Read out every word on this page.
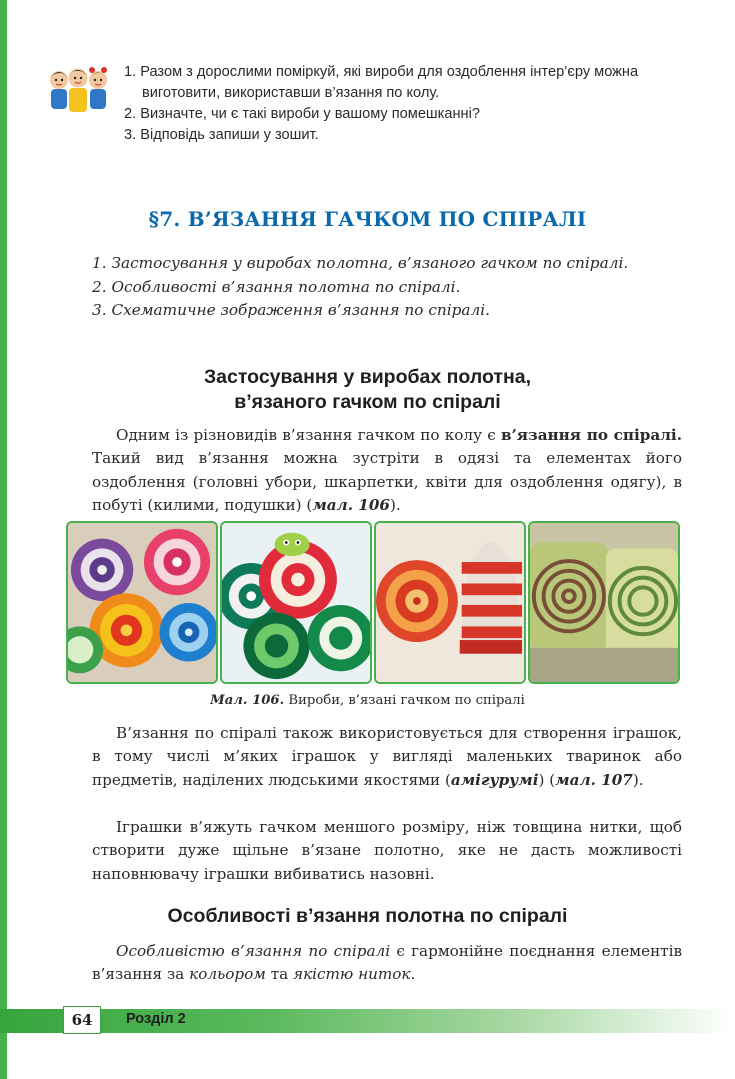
1. Разом з дорослими поміркуй, які вироби для оздоблення інтер’єру можна виготовити, використавши в’язання по колу.

2. Визначте, чи є такі вироби у вашому помешканні?

3. Відповідь запиши у зошит.

§7. В’ЯЗАННЯ ГАЧКОМ ПО СПІРАЛІ

1. Застосування у виробах полотна, в’язаного гачком по спіралі.

2. Особливості в’язання полотна по спіралі.

3. Схематичне зображення в’язання по спіралі.

Застосування у виробах полотна,
в’язаного гачком по спіралі
Одним із різновидів в’язання гачком по колу є в’язання по спіралі. Такий вид в’язання можна зустріти в одязі та елементах його оздоблення (головні убори, шкарпетки, квіти для оздоблення одягу), в побуті (килими, подушки) (мал. 106).
Мал. 106. Вироби, в’язані гачком по спіралі
В’язання по спіралі також використовується для створення іграшок, в тому числі м’яких іграшок у вигляді маленьких тваринок або предметів, наділених людськими якостями (амігурумі) (мал. 107).
Іграшки в’яжуть гачком меншого розміру, ніж товщина нитки, щоб створити дуже щільне в’язане полотно, яке не дасть можливості наповнювачу іграшки вибиватись назовні.
Особливості в’язання полотна по спіралі
Особливістю в’язання по спіралі є гармонійне поєднання елементів в’язання за кольором та якістю ниток.
64	Розділ 2
